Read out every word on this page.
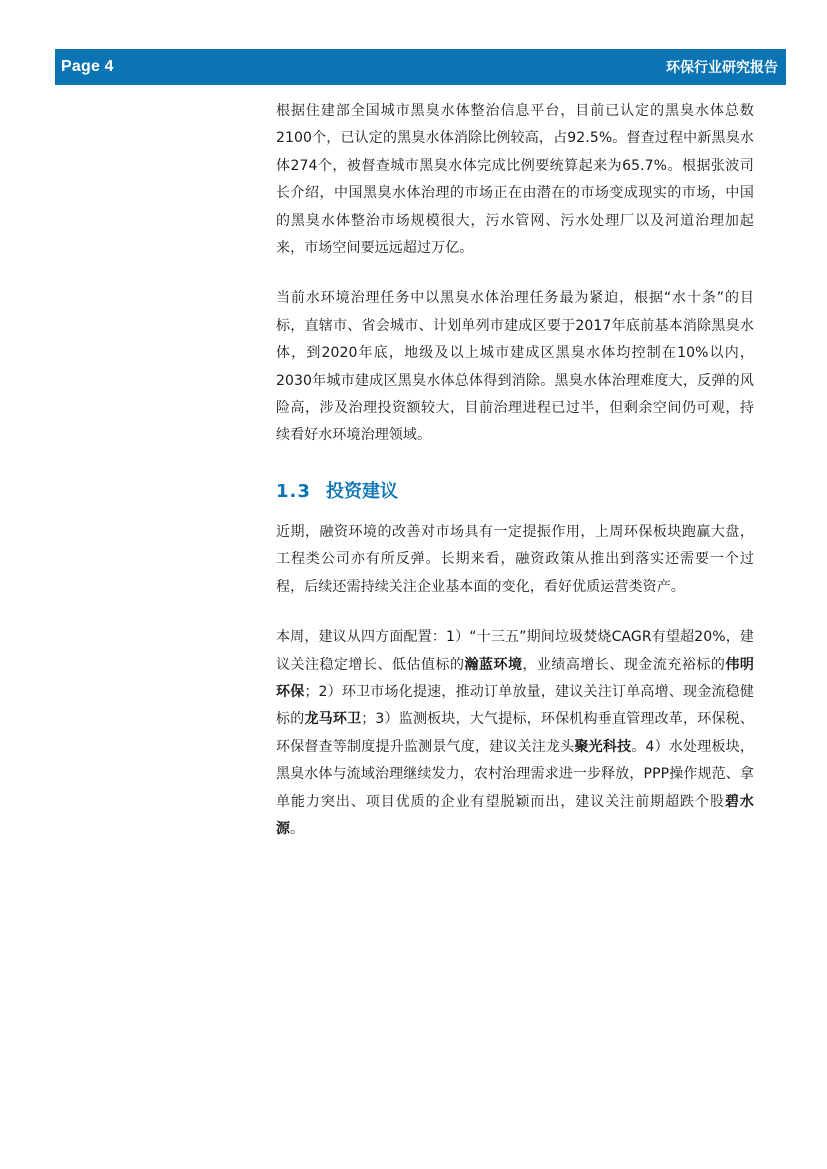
Page 4	环保行业研究报告

根据住建部全国城市黑臭水体整治信息平台，目前已认定的黑臭水体总数2100个，已认定的黑臭水体消除比例较高，占92.5%。督查过程中新黑臭水体274个，被督查城市黑臭水体完成比例要统算起来为65.7%。根据张波司长介绍，中国黑臭水体治理的市场正在由潜在的市场变成现实的市场，中国的黑臭水体整治市场规模很大，污水管网、污水处理厂以及河道治理加起来，市场空间要远远超过万亿。

当前水环境治理任务中以黑臭水体治理任务最为紧迫，根据“水十条”的目标，直辖市、省会城市、计划单列市建成区要于2017年底前基本消除黑臭水体，到2020年底，地级及以上城市建成区黑臭水体均控制在10%以内，2030年城市建成区黑臭水体总体得到消除。黑臭水体治理难度大，反弹的风险高，涉及治理投资额较大，目前治理进程已过半，但剩余空间仍可观，持续看好水环境治理领域。

1.3 投资建议

近期，融资环境的改善对市场具有一定提振作用，上周环保板块跑赢大盘，工程类公司亦有所反弹。长期来看，融资政策从推出到落实还需要一个过程，后续还需持续关注企业基本面的变化，看好优质运营类资产。

本周，建议从四方面配置：1）“十三五”期间垃圾焚烧CAGR有望超20%，建议关注稳定增长、低估值标的瀚蓝环境，业绩高增长、现金流充裕标的伟明环保；2）环卫市场化提速，推动订单放量，建议关注订单高增、现金流稳健标的龙马环卫；3）监测板块，大气提标，环保机构垂直管理改革，环保税、环保督查等制度提升监测景气度，建议关注龙头聚光科技。4）水处理板块，黑臭水体与流域治理继续发力，农村治理需求进一步释放，PPP操作规范、拿单能力突出、项目优质的企业有望脱颖而出，建议关注前期超跌个股碧水源。
